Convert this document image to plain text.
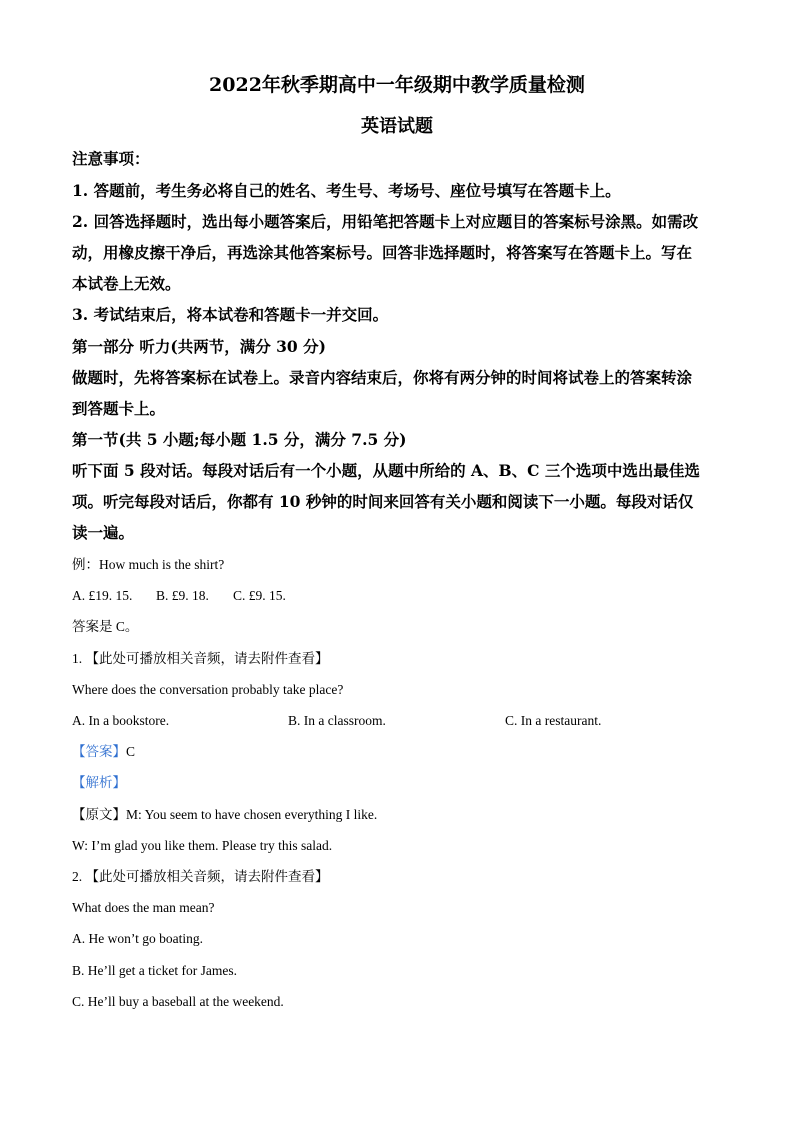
2022年秋季期高中一年级期中教学质量检测
英语试题
注意事项：
1. 答题前，考生务必将自己的姓名、考生号、考场号、座位号填写在答题卡上。
2. 回答选择题时，选出每小题答案后，用铅笔把答题卡上对应题目的答案标号涂黑。如需改
动，用橡皮擦干净后，再选涂其他答案标号。回答非选择题时，将答案写在答题卡上。写在
本试卷上无效。
3. 考试结束后，将本试卷和答题卡一并交回。
第一部分 听力(共两节，满分 30 分)
做题时，先将答案标在试卷上。录音内容结束后，你将有两分钟的时间将试卷上的答案转涂
到答题卡上。
第一节(共 5 小题;每小题 1.5 分，满分 7.5 分)
听下面 5 段对话。每段对话后有一个小题，从题中所给的 A、B、C 三个选项中选出最佳选
项。听完每段对话后，你都有 10 秒钟的时间来回答有关小题和阅读下一小题。每段对话仅
读一遍。
例：How much is the shirt?
A. £19. 15. B. £9. 18. C. £9. 15.
答案是 C。
1. 【此处可播放相关音频，请去附件查看】
Where does the conversation probably take place?
A. In a bookstore.	B. In a classroom.	C. In a restaurant.
【答案】C
【解析】
【原文】M: You seem to have chosen everything I like.
W: I’m glad you like them. Please try this salad.
2. 【此处可播放相关音频，请去附件查看】
What does the man mean?
A. He won’t go boating.
B. He’ll get a ticket for James.
C. He’ll buy a baseball at the weekend.
